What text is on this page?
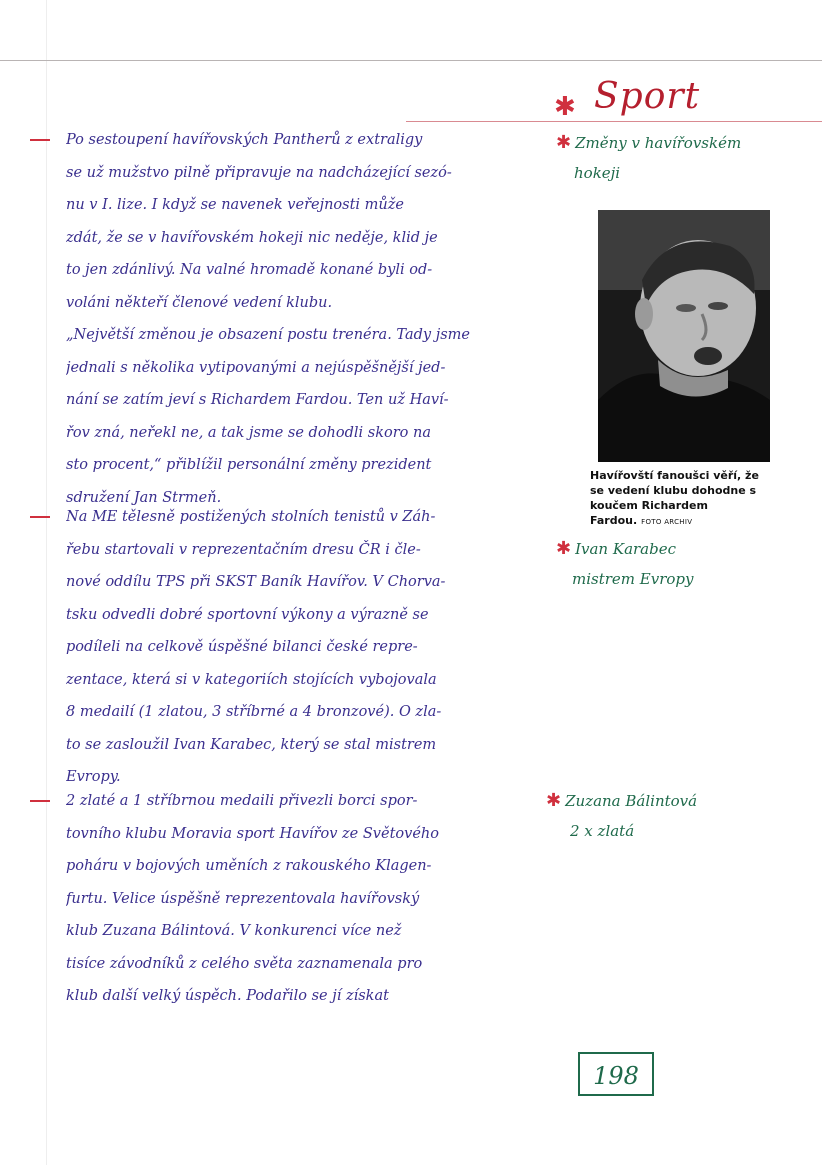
✱ Sport
Po sestoupení havířovských Pantherů z extraligy
se už mužstvo pilně připravuje na nadcházející sezó-
nu v I. lize. I když se navenek veřejnosti může
zdát, že se v havířovském hokeji nic neděje, klid je
to jen zdánlivý. Na valné hromadě konané byli od-
voláni někteří členové vedení klubu.
„Největší změnou je obsazení postu trenéra. Tady jsme
jednali s několika vytipovanými a nejúspěšnější jed-
nání se zatím jeví s Richardem Fardou. Ten už Haví-
řov zná, neřekl ne, a tak jsme se dohodli skoro na
sto procent,“ přiblížil personální změny prezident
sdružení Jan Strmeň.
Na ME tělesně postižených stolních tenistů v Záh-
řebu startovali v reprezentačním dresu ČR i čle-
nové oddílu TPS při SKST Baník Havířov. V Chorva-
tsku odvedli dobré sportovní výkony a výrazně se
podíleli na celkově úspěšné bilanci české repre-
zentace, která si v kategoriích stojících vybojovala
8 medailí (1 zlatou, 3 stříbrné a 4 bronzové). O zla-
to se zasloužil Ivan Karabec, který se stal mistrem
Evropy.
2 zlaté a 1 stříbrnou medaili přivezli borci spor-
tovního klubu Moravia sport Havířov ze Světového
poháru v bojových uměních z rakouského Klagen-
furtu. Velice úspěšně reprezentovala havířovský
klub Zuzana Bálintová. V konkurenci více než
tisíce závodníků z celého světa zaznamenala pro
klub další velký úspěch. Podařilo se jí získat
✱ Změny v havířovském
hokeji
✱ Ivan Karabec
mistrem Evropy
✱ Zuzana Bálintová
2 x zlatá
Havířovští fanoušci věří, že se vedení klubu dohodne s koučem Richardem Fardou. FOTO ARCHIV
198
